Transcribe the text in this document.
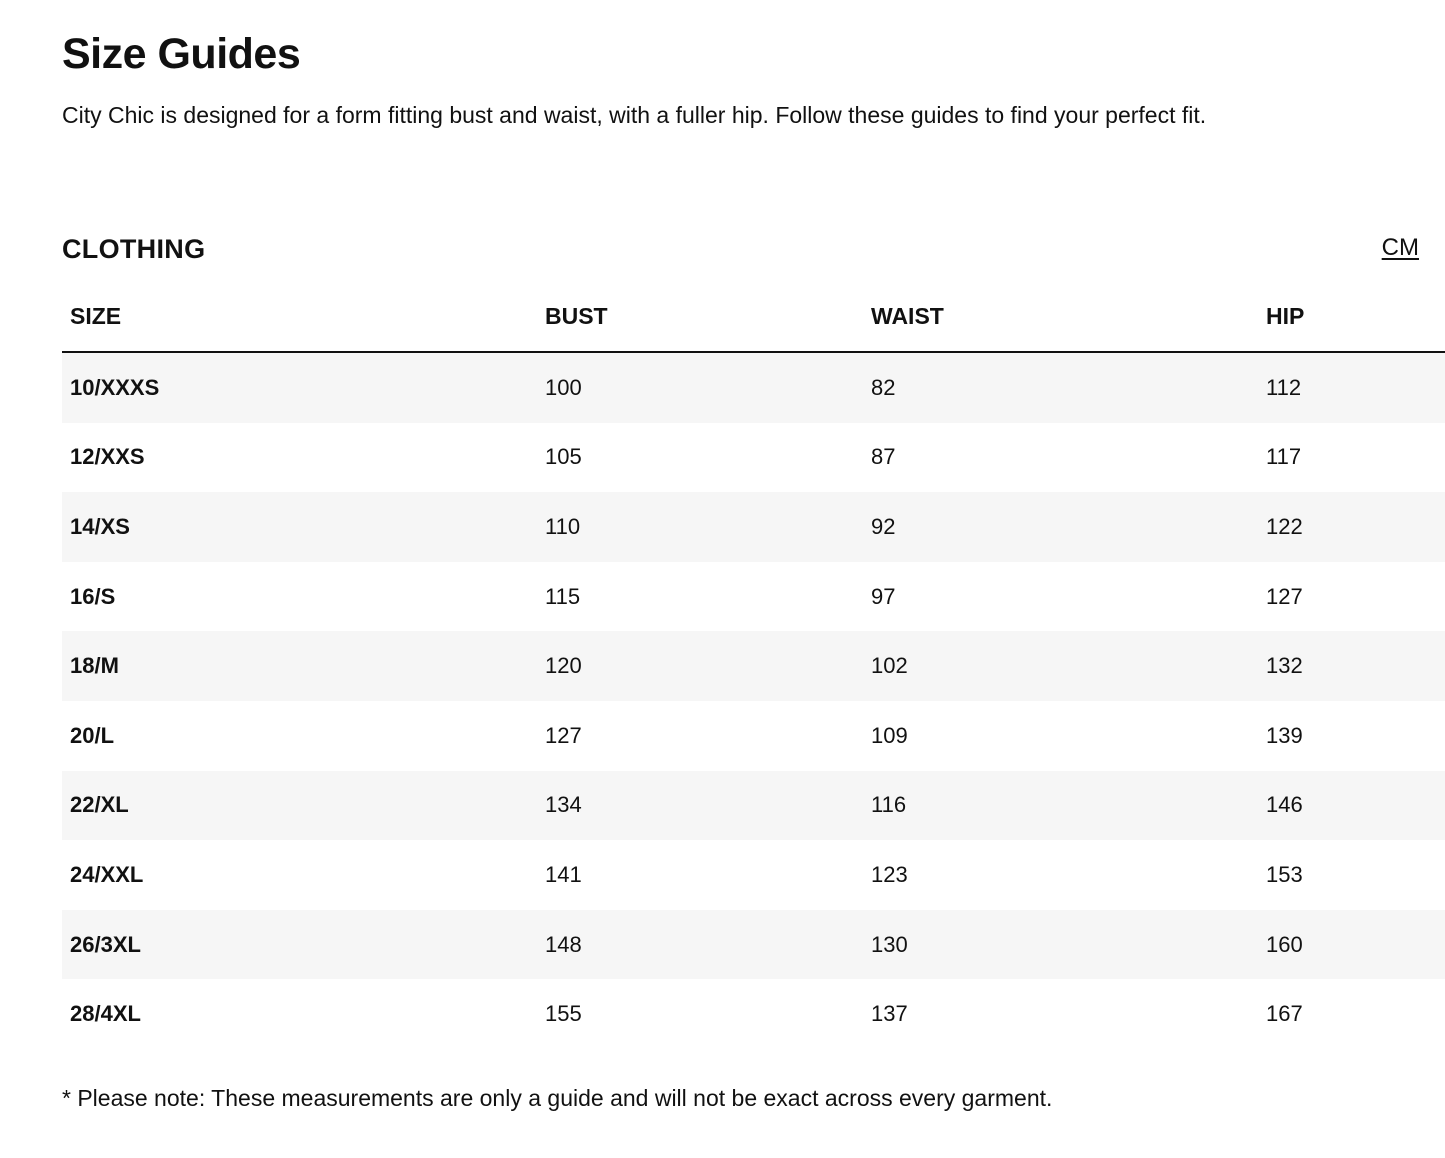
Size Guides

City Chic is designed for a form fitting bust and waist, with a fuller hip. Follow these guides to find your perfect fit.

CLOTHING	CM
SIZE	BUST	WAIST	HIP
10/XXXS	100	82	112
12/XXS	105	87	117
14/XS	110	92	122
16/S	115	97	127
18/M	120	102	132
20/L	127	109	139
22/XL	134	116	146
24/XXL	141	123	153
26/3XL	148	130	160
28/4XL	155	137	167

* Please note: These measurements are only a guide and will not be exact across every garment.
